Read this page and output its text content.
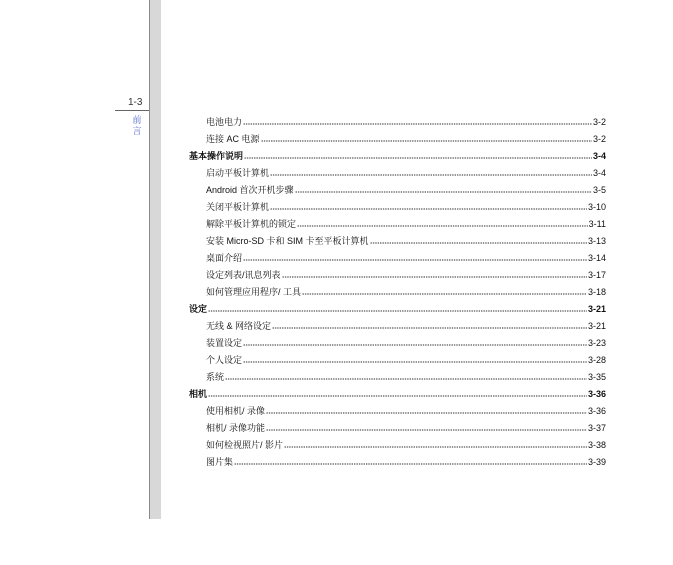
1-3
前言
电池电力	3-2
连接 AC 电源	3-2
基本操作说明	3-4
启动平板计算机	3-4
Android 首次开机步骤	3-5
关闭平板计算机	3-10
解除平板计算机的锁定	3-11
安装 Micro-SD 卡和 SIM 卡至平板计算机	3-13
桌面介绍	3-14
设定列表/讯息列表	3-17
如何管理应用程序/ 工具	3-18
设定	3-21
无线 & 网络设定	3-21
装置设定	3-23
个人设定	3-28
系统	3-35
相机	3-36
使用相机/ 录像	3-36
相机/ 录像功能	3-37
如何检视照片/ 影片	3-38
图片集	3-39
